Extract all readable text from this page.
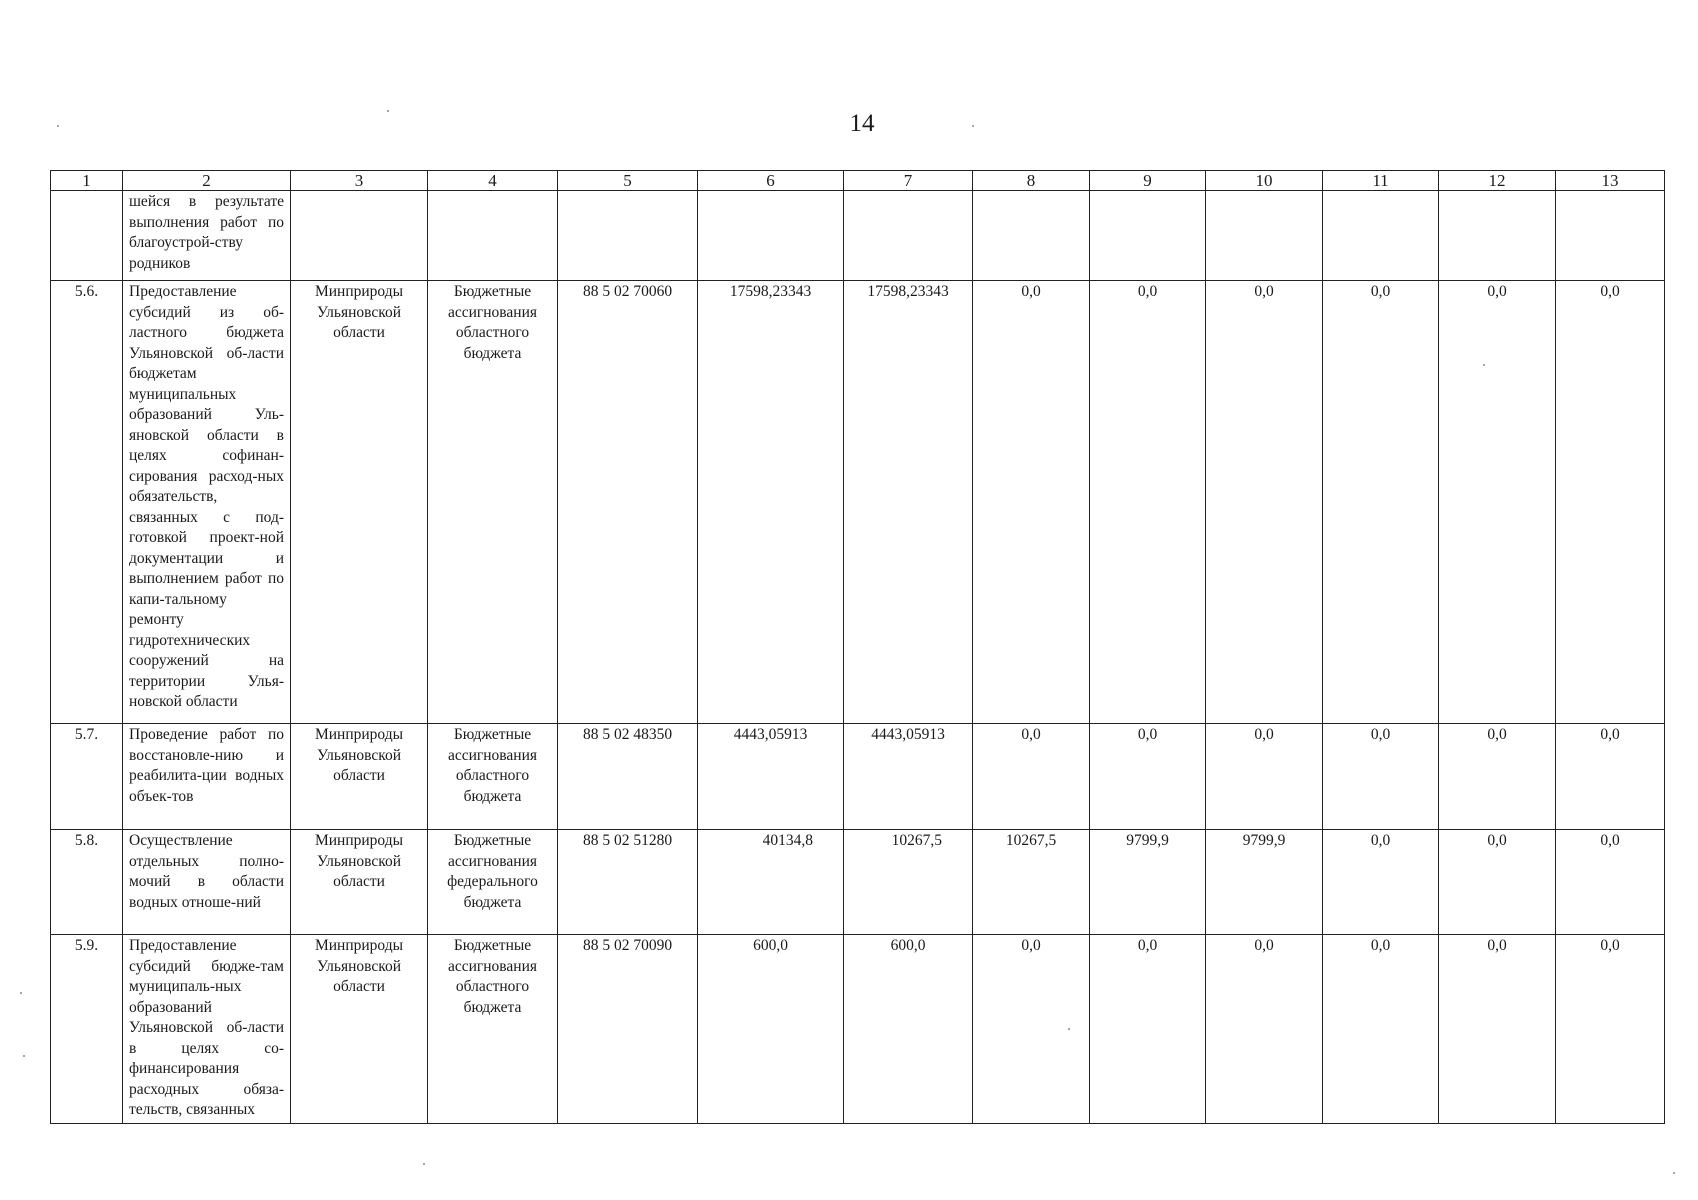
14
1	2	3	4	5	6	7	8	9	10	11	12	13
	шейся в результате выполнения работ по благоустрой-ству родников											
5.6.	Предоставление субсидий из об-ластного бюджета Ульяновской об-ласти бюджетам муниципальных образований Уль-яновской области в целях софинан-сирования расход-ных обязательств, связанных с под-готовкой проект-ной документации и выполнением работ по капи-тальному ремонту гидротехнических сооружений на территории Улья-новской области	Минприроды Ульяновской области	Бюджетные ассигнования областного бюджета	88 5 02 70060	17598,23343	17598,23343	0,0	0,0	0,0	0,0	0,0	0,0
5.7.	Проведение работ по восстановле-нию и реабилита-ции водных объек-тов	Минприроды Ульяновской области	Бюджетные ассигнования областного бюджета	88 5 02 48350	4443,05913	4443,05913	0,0	0,0	0,0	0,0	0,0	0,0
5.8.	Осуществление отдельных полно-мочий в области водных отноше-ний	Минприроды Ульяновской области	Бюджетные ассигнования федерального бюджета	88 5 02 51280	40134,8	10267,5	10267,5	9799,9	9799,9	0,0	0,0	0,0
5.9.	Предоставление субсидий бюдже-там муниципаль-ных образований Ульяновской об-ласти в целях со-финансирования расходных обяза-тельств, связанных	Минприроды Ульяновской области	Бюджетные ассигнования областного бюджета	88 5 02 70090	600,0	600,0	0,0	0,0	0,0	0,0	0,0	0,0
